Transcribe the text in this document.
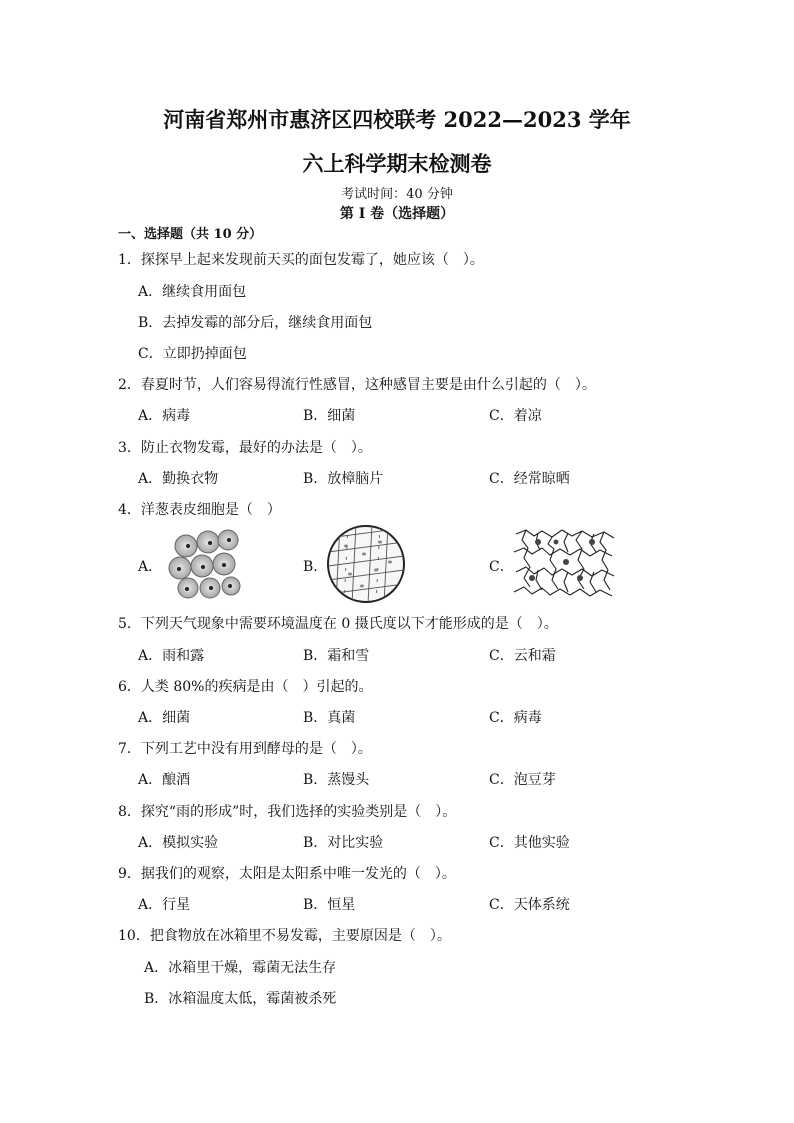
河南省郑州市惠济区四校联考 2022—2023 学年
六上科学期末检测卷
考试时间：40 分钟
第 I 卷（选择题）
一、选择题（共 10 分）
1．探探早上起来发现前天买的面包发霉了，她应该（　）。
A．继续食用面包
B．去掉发霉的部分后，继续食用面包
C．立即扔掉面包
2．春夏时节，人们容易得流行性感冒，这种感冒主要是由什么引起的（　）。
A．病毒	B．细菌	C．着凉
3．防止衣物发霉，最好的办法是（　）。
A．勤换衣物	B．放樟脑片	C．经常晾晒
4．洋葱表皮细胞是（　）
A．	B．	C．
5．下列天气现象中需要环境温度在 0 摄氏度以下才能形成的是（　）。
A．雨和露	B．霜和雪	C．云和霜
6．人类 80%的疾病是由（　）引起的。
A．细菌	B．真菌	C．病毒
7．下列工艺中没有用到酵母的是（　）。
A．酿酒	B．蒸馒头	C．泡豆芽
8．探究“雨的形成”时，我们选择的实验类别是（　）。
A．模拟实验	B．对比实验	C．其他实验
9．据我们的观察，太阳是太阳系中唯一发光的（　）。
A．行星	B．恒星	C．天体系统
10．把食物放在冰箱里不易发霉，主要原因是（　）。
A．冰箱里干燥，霉菌无法生存
B．冰箱温度太低，霉菌被杀死
